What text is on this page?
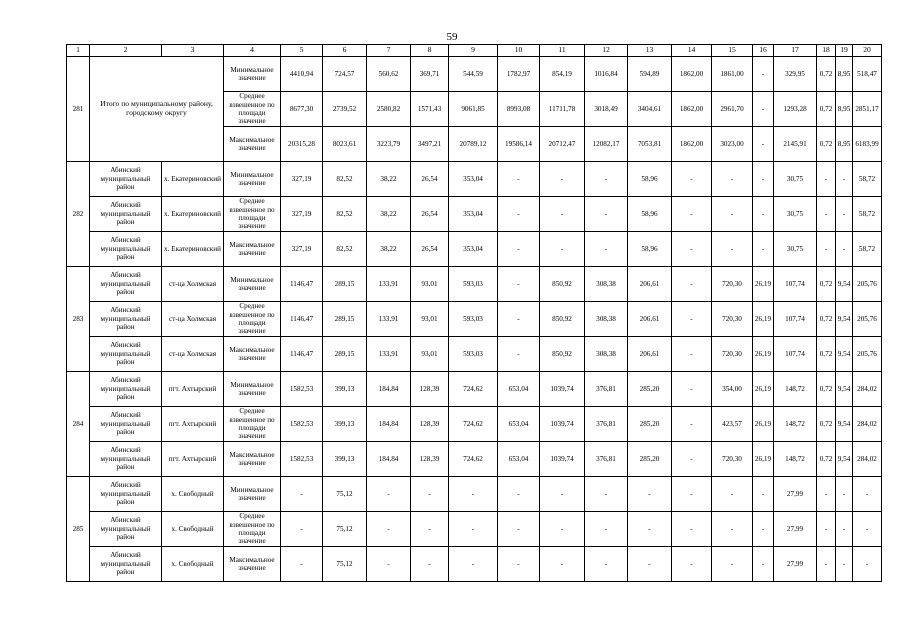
59
1	2	3	4	5	6	7	8	9	10	11	12	13	14	15	16	17	18	19	20
281	Итого по муниципальному району, городскому округу		Минимальное значение	4410,94	724,57	560,62	369,71	544,59	1782,97	854,19	1016,84	594,89	1862,00	1861,00	-	329,95	0,72	8,95	518,47
			Среднее взвешенное по площади значение	8677,30	2739,52	2580,82	1571,43	9061,85	8993,08	11711,78	3018,49	3404,61	1862,00	2961,70	-	1293,28	0,72	8,95	2851,17
			Максимальное значение	20315,28	8023,61	3223,79	3497,21	20789,12	19586,14	20712,47	12082,17	7053,81	1862,00	3023,00	-	2145,91	0,72	8,95	6183,99
282	Абинский муниципальный район	х. Екатериновский	Минимальное значение	327,19	82,52	38,22	26,54	353,04	-	-	-	58,96	-	-	-	30,75	-	-	58,72
	Абинский муниципальный район	х. Екатериновский	Среднее взвешенное по площади значение	327,19	82,52	38,22	26,54	353,04	-	-	-	58,96	-	-	-	30,75	-	-	58,72
	Абинский муниципальный район	х. Екатериновский	Максимальное значение	327,19	82,52	38,22	26,54	353,04	-	-	-	58,96	-	-	-	30,75	-	-	58,72
283	Абинский муниципальный район	ст-ца Холмская	Минимальное значение	1146,47	289,15	133,91	93,01	593,03	-	850,92	308,38	206,61	-	720,30	26,19	107,74	0,72	9,54	205,76
	Абинский муниципальный район	ст-ца Холмская	Среднее взвешенное по площади значение	1146,47	289,15	133,91	93,01	593,03	-	850,92	308,38	206,61	-	720,30	26,19	107,74	0,72	9,54	205,76
	Абинский муниципальный район	ст-ца Холмская	Максимальное значение	1146,47	289,15	133,91	93,01	593,03	-	850,92	308,38	206,61	-	720,30	26,19	107,74	0,72	9,54	205,76
284	Абинский муниципальный район	пгт. Ахтырский	Минимальное значение	1582,53	399,13	184,84	128,39	724,62	653,04	1039,74	376,81	285,20	-	354,00	26,19	148,72	0,72	9,54	284,02
	Абинский муниципальный район	пгт. Ахтырский	Среднее взвешенное по площади значение	1582,53	399,13	184,84	128,39	724,62	653,04	1039,74	376,81	285,20	-	423,57	26,19	148,72	0,72	9,54	284,02
	Абинский муниципальный район	пгт. Ахтырский	Максимальное значение	1582,53	399,13	184,84	128,39	724,62	653,04	1039,74	376,81	285,20	-	720,30	26,19	148,72	0,72	9,54	284,02
285	Абинский муниципальный район	х. Свободный	Минимальное значение	-	75,12	-	-	-	-	-	-	-	-	-	-	27,99	-	-	-
	Абинский муниципальный район	х. Свободный	Среднее взвешенное по площади значение	-	75,12	-	-	-	-	-	-	-	-	-	-	27,99	-	-	-
	Абинский муниципальный район	х. Свободный	Максимальное значение	-	75,12	-	-	-	-	-	-	-	-	-	-	27,99	-	-	-
